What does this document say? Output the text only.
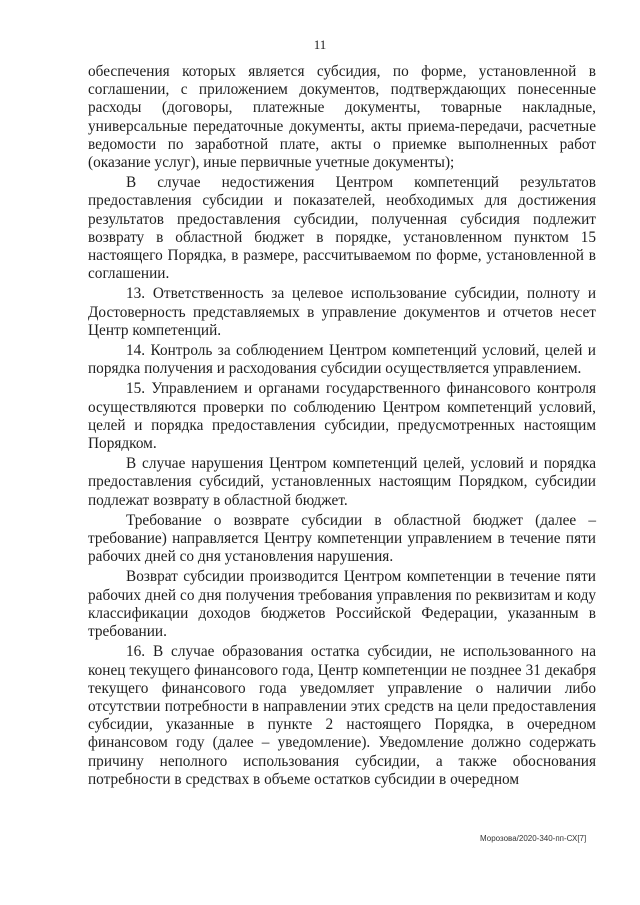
11

обеспечения которых является субсидия, по форме, установленной в соглашении, с приложением документов, подтверждающих понесенные расходы (договоры, платежные документы, товарные накладные, универсальные передаточные документы, акты приема-передачи, расчетные ведомости по заработной плате, акты о приемке выполненных работ (оказание услуг), иные первичные учетные документы);

В случае недостижения Центром компетенций результатов предоставления субсидии и показателей, необходимых для достижения результатов предоставления субсидии, полученная субсидия подлежит возврату в областной бюджет в порядке, установленном пунктом 15 настоящего Порядка, в размере, рассчитываемом по форме, установленной в соглашении.

13. Ответственность за целевое использование субсидии, полноту и Достоверность представляемых в управление документов и отчетов несет Центр компетенций.

14. Контроль за соблюдением Центром компетенций условий, целей и порядка получения и расходования субсидии осуществляется управлением.

15. Управлением и органами государственного финансового контроля осуществляются проверки по соблюдению Центром компетенций условий, целей и порядка предоставления субсидии, предусмотренных настоящим Порядком.

В случае нарушения Центром компетенций целей, условий и порядка предоставления субсидий, установленных настоящим Порядком, субсидии подлежат возврату в областной бюджет.

Требование о возврате субсидии в областной бюджет (далее – требование) направляется Центру компетенции управлением в течение пяти рабочих дней со дня установления нарушения.

Возврат субсидии производится Центром компетенции в течение пяти рабочих дней со дня получения требования управления по реквизитам и коду классификации доходов бюджетов Российской Федерации, указанным в требовании.

16. В случае образования остатка субсидии, не использованного на конец текущего финансового года, Центр компетенции не позднее 31 декабря текущего финансового года уведомляет управление о наличии либо отсутствии потребности в направлении этих средств на цели предоставления субсидии, указанные в пункте 2 настоящего Порядка, в очередном финансовом году (далее – уведомление). Уведомление должно содержать причину неполного использования субсидии, а также обоснования потребности в средствах в объеме остатков субсидии в очередном

Морозова/2020-340-пп-СХ[7]
